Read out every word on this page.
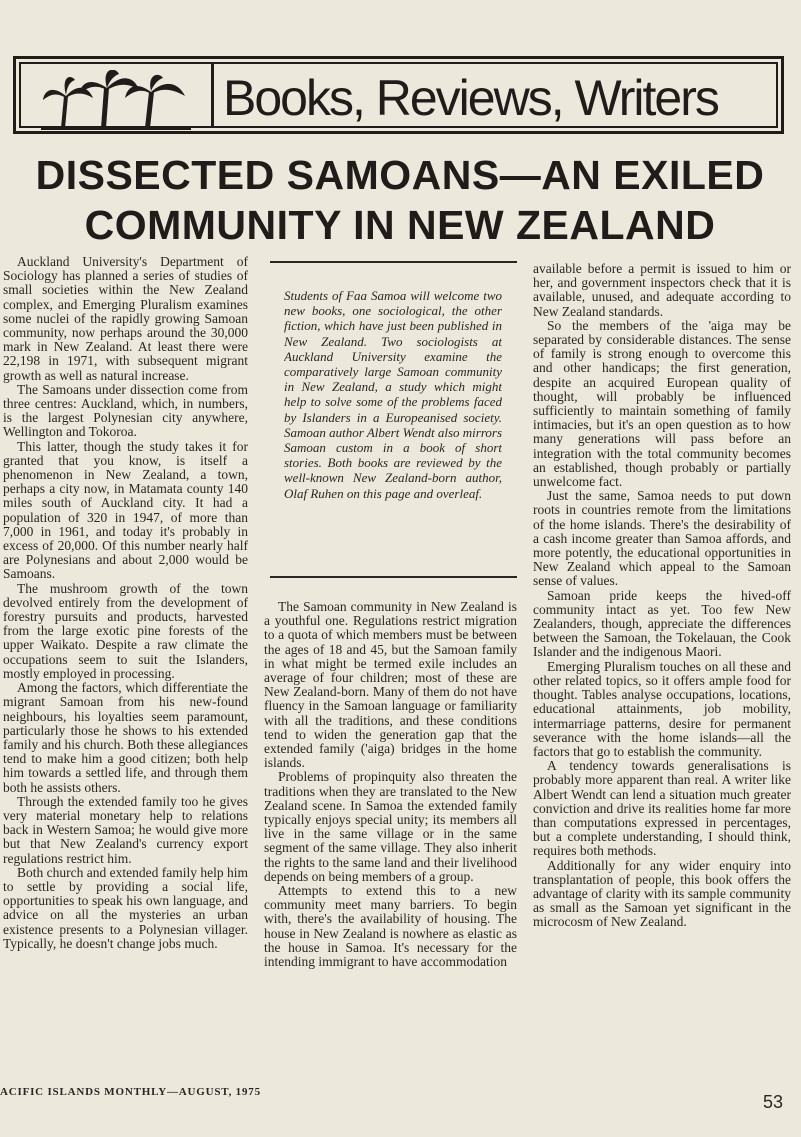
Books, Reviews, Writers
DISSECTED SAMOANS—AN EXILED COMMUNITY IN NEW ZEALAND

Auckland University's Department of Sociology has planned a series of studies of small societies within the New Zealand complex, and Emerging Pluralism examines some nuclei of the rapidly growing Samoan community, now perhaps around the 30,000 mark in New Zealand. At least there were 22,198 in 1971, with subsequent migrant growth as well as natural increase.

The Samoans under dissection come from three centres: Auckland, which, in numbers, is the largest Polynesian city anywhere, Wellington and Tokoroa.

This latter, though the study takes it for granted that you know, is itself a phenomenon in New Zealand, a town, perhaps a city now, in Matamata county 140 miles south of Auckland city. It had a population of 320 in 1947, of more than 7,000 in 1961, and today it's probably in excess of 20,000. Of this number nearly half are Polynesians and about 2,000 would be Samoans.

The mushroom growth of the town devolved entirely from the development of forestry pursuits and products, harvested from the large exotic pine forests of the upper Waikato. Despite a raw climate the occupations seem to suit the Islanders, mostly employed in processing.

Among the factors, which differentiate the migrant Samoan from his new-found neighbours, his loyalties seem paramount, particularly those he shows to his extended family and his church. Both these allegiances tend to make him a good citizen; both help him towards a settled life, and through them both he assists others.

Through the extended family too he gives very material monetary help to relations back in Western Samoa; he would give more but that New Zealand's currency export regulations restrict him.

Both church and extended family help him to settle by providing a social life, opportunities to speak his own language, and advice on all the mysteries an urban existence presents to a Polynesian villager. Typically, he doesn't change jobs much.

Students of Faa Samoa will welcome two new books, one sociological, the other fiction, which have just been published in New Zealand. Two sociologists at Auckland University examine the comparatively large Samoan community in New Zealand, a study which might help to solve some of the problems faced by Islanders in a Europeanised society. Samoan author Albert Wendt also mirrors Samoan custom in a book of short stories. Both books are reviewed by the well-known New Zealand-born author, Olaf Ruhen on this page and overleaf.

The Samoan community in New Zealand is a youthful one. Regulations restrict migration to a quota of which members must be between the ages of 18 and 45, but the Samoan family in what might be termed exile includes an average of four children; most of these are New Zealand-born. Many of them do not have fluency in the Samoan language or familiarity with all the traditions, and these conditions tend to widen the generation gap that the extended family ('aiga) bridges in the home islands.

Problems of propinquity also threaten the traditions when they are translated to the New Zealand scene. In Samoa the extended family typically enjoys special unity; its members all live in the same village or in the same segment of the same village. They also inherit the rights to the same land and their livelihood depends on being members of a group.

Attempts to extend this to a new community meet many barriers. To begin with, there's the availability of housing. The house in New Zealand is nowhere as elastic as the house in Samoa. It's necessary for the intending immigrant to have accommodation

available before a permit is issued to him or her, and government inspectors check that it is available, unused, and adequate according to New Zealand standards.

So the members of the 'aiga may be separated by considerable distances. The sense of family is strong enough to overcome this and other handicaps; the first generation, despite an acquired European quality of thought, will probably be influenced sufficiently to maintain something of family intimacies, but it's an open question as to how many generations will pass before an integration with the total community becomes an established, though probably or partially unwelcome fact.

Just the same, Samoa needs to put down roots in countries remote from the limitations of the home islands. There's the desirability of a cash income greater than Samoa affords, and more potently, the educational opportunities in New Zealand which appeal to the Samoan sense of values.

Samoan pride keeps the hived-off community intact as yet. Too few New Zealanders, though, appreciate the differences between the Samoan, the Tokelauan, the Cook Islander and the indigenous Maori.

Emerging Pluralism touches on all these and other related topics, so it offers ample food for thought. Tables analyse occupations, locations, educational attainments, job mobility, intermarriage patterns, desire for permanent severance with the home islands—all the factors that go to establish the community.

A tendency towards generalisations is probably more apparent than real. A writer like Albert Wendt can lend a situation much greater conviction and drive its realities home far more than computations expressed in percentages, but a complete understanding, I should think, requires both methods.

Additionally for any wider enquiry into transplantation of people, this book offers the advantage of clarity with its sample community as small as the Samoan yet significant in the microcosm of New Zealand.

ACIFIC ISLANDS MONTHLY—AUGUST, 1975	53
